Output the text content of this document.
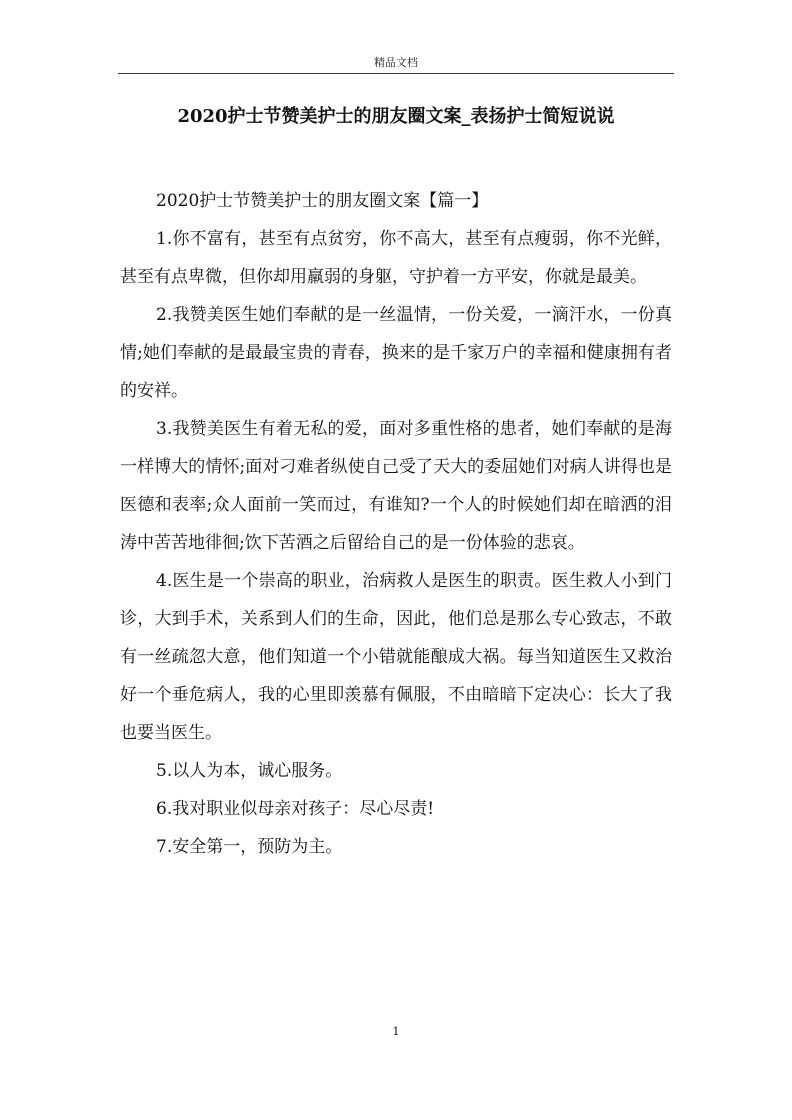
精品文档
2020护士节赞美护士的朋友圈文案_表扬护士简短说说

2020护士节赞美护士的朋友圈文案【篇一】

1.你不富有，甚至有点贫穷，你不高大，甚至有点瘦弱，你不光鲜，甚至有点卑微，但你却用羸弱的身躯，守护着一方平安，你就是最美。

2.我赞美医生她们奉献的是一丝温情，一份关爱，一滴汗水，一份真情;她们奉献的是最最宝贵的青春，换来的是千家万户的幸福和健康拥有者的安祥。

3.我赞美医生有着无私的爱，面对多重性格的患者，她们奉献的是海一样博大的情怀;面对刁难者纵使自己受了天大的委屈她们对病人讲得也是医德和表率;众人面前一笑而过，有谁知?一个人的时候她们却在暗洒的泪涛中苦苦地徘徊;饮下苦酒之后留给自己的是一份体验的悲哀。

4.医生是一个崇高的职业，治病救人是医生的职责。医生救人小到门诊，大到手术，关系到人们的生命，因此，他们总是那么专心致志，不敢有一丝疏忽大意，他们知道一个小错就能酿成大祸。每当知道医生又救治好一个垂危病人，我的心里即羡慕有佩服，不由暗暗下定决心：长大了我也要当医生。

5.以人为本，诚心服务。

6.我对职业似母亲对孩子：尽心尽责!

7.安全第一，预防为主。

1
